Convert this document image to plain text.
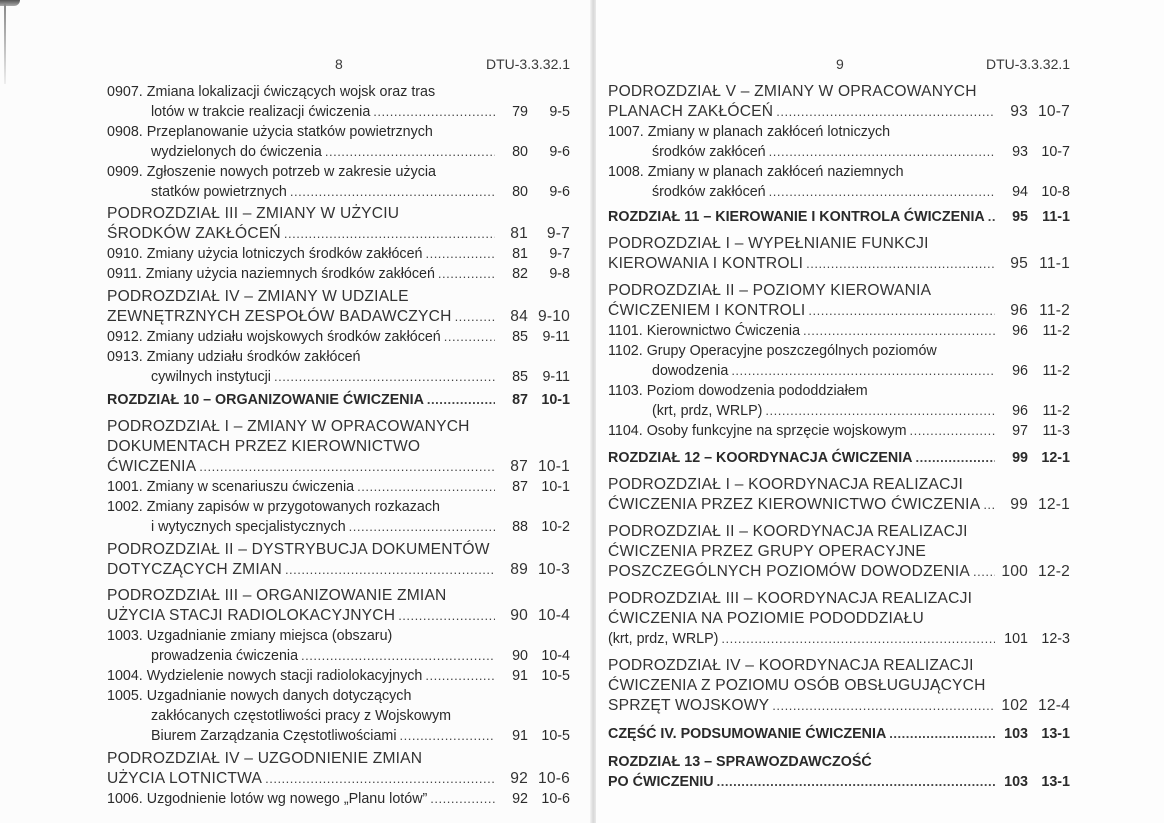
8	DTU-3.3.32.1
0907. Zmiana lokalizacji ćwiczących wojsk oraz tras
lotów w trakcie realizacji ćwiczenia .....	79	9-5
0908. Przeplanowanie użycia statków powietrznych
wydzielonych do ćwiczenia .....	80	9-6
0909. Zgłoszenie nowych potrzeb w zakresie użycia
statków powietrznych .....	80	9-6
PODROZDZIAŁ III – ZMIANY W UŻYCIU
ŚRODKÓW ZAKŁÓCEŃ .....	81	9-7
0910. Zmiany użycia lotniczych środków zakłóceń .....	81	9-7
0911. Zmiany użycia naziemnych środków zakłóceń .....	82	9-8
PODROZDZIAŁ IV – ZMIANY W UDZIALE
ZEWNĘTRZNYCH ZESPOŁÓW BADAWCZYCH .....	84 9-10
0912. Zmiany udziału wojskowych środków zakłóceń .....	85	9-11
0913. Zmiany udziału środków zakłóceń
cywilnych instytucji .....	85	9-11
ROZDZIAŁ 10 – ORGANIZOWANIE ĆWICZENIA .....	87 10-1
PODROZDZIAŁ I – ZMIANY W OPRACOWANYCH
DOKUMENTACH PRZEZ KIEROWNICTWO
ĆWICZENIA .....	87 10-1
1001. Zmiany w scenariuszu ćwiczenia .....	87 10-1
1002. Zmiany zapisów w przygotowanych rozkazach
i wytycznych specjalistycznych .....	88 10-2
PODROZDZIAŁ II – DYSTRYBUCJA DOKUMENTÓW
DOTYCZĄCYCH ZMIAN .....	89 10-3
PODROZDZIAŁ III – ORGANIZOWANIE ZMIAN
UŻYCIA STACJI RADIOLOKACYJNYCH .....	90 10-4
1003. Uzgadnianie zmiany miejsca (obszaru)
prowadzenia ćwiczenia .....	90 10-4
1004. Wydzielenie nowych stacji radiolokacyjnych .....	91 10-5
1005. Uzgadnianie nowych danych dotyczących
zakłócanych częstotliwości pracy z Wojskowym
Biurem Zarządzania Częstotliwościami .....	91 10-5
PODROZDZIAŁ IV – UZGODNIENIE ZMIAN
UŻYCIA LOTNICTWA .....	92 10-6
1006. Uzgodnienie lotów wg nowego „Planu lotów” .....	92 10-6
9	DTU-3.3.32.1
PODROZDZIAŁ V – ZMIANY W OPRACOWANYCH
PLANACH ZAKŁÓCEŃ .....	93 10-7
1007. Zmiany w planach zakłóceń lotniczych
środków zakłóceń .....	93 10-7
1008. Zmiany w planach zakłóceń naziemnych
środków zakłóceń .....	94 10-8
ROZDZIAŁ 11 – KIEROWANIE I KONTROLA ĆWICZENIA .....	95 11-1
PODROZDZIAŁ I – WYPEŁNIANIE FUNKCJI
KIEROWANIA I KONTROLI .....	95 11-1
PODROZDZIAŁ II – POZIOMY KIEROWANIA
ĆWICZENIEM I KONTROLI .....	96 11-2
1101. Kierownictwo Ćwiczenia .....	96	11-2
1102. Grupy Operacyjne poszczególnych poziomów
dowodzenia .....	96	11-2
1103. Poziom dowodzenia pododdziałem
(krt, prdz, WRLP) .....	96	11-2
1104. Osoby funkcyjne na sprzęcie wojskowym .....	97	11-3
ROZDZIAŁ 12 – KOORDYNACJA ĆWICZENIA .....	99 12-1
PODROZDZIAŁ I – KOORDYNACJA REALIZACJI
ĆWICZENIA PRZEZ KIEROWNICTWO ĆWICZENIA .....	99 12-1
PODROZDZIAŁ II – KOORDYNACJA REALIZACJI
ĆWICZENIA PRZEZ GRUPY OPERACYJNE
POSZCZEGÓLNYCH POZIOMÓW DOWODZENIA ..... 100 12-2
PODROZDZIAŁ III – KOORDYNACJA REALIZACJI
ĆWICZENIA NA POZIOMIE PODODDZIAŁU
(krt, prdz, WRLP) .....	101 12-3
PODROZDZIAŁ IV – KOORDYNACJA REALIZACJI
ĆWICZENIA Z POZIOMU OSÓB OBSŁUGUJĄCYCH
SPRZĘT WOJSKOWY .....	102 12-4
CZĘŚĆ IV. PODSUMOWANIE ĆWICZENIA .....	103 13-1
ROZDZIAŁ 13 – SPRAWOZDAWCZOŚĆ
PO ĆWICZENIU .....	103 13-1
